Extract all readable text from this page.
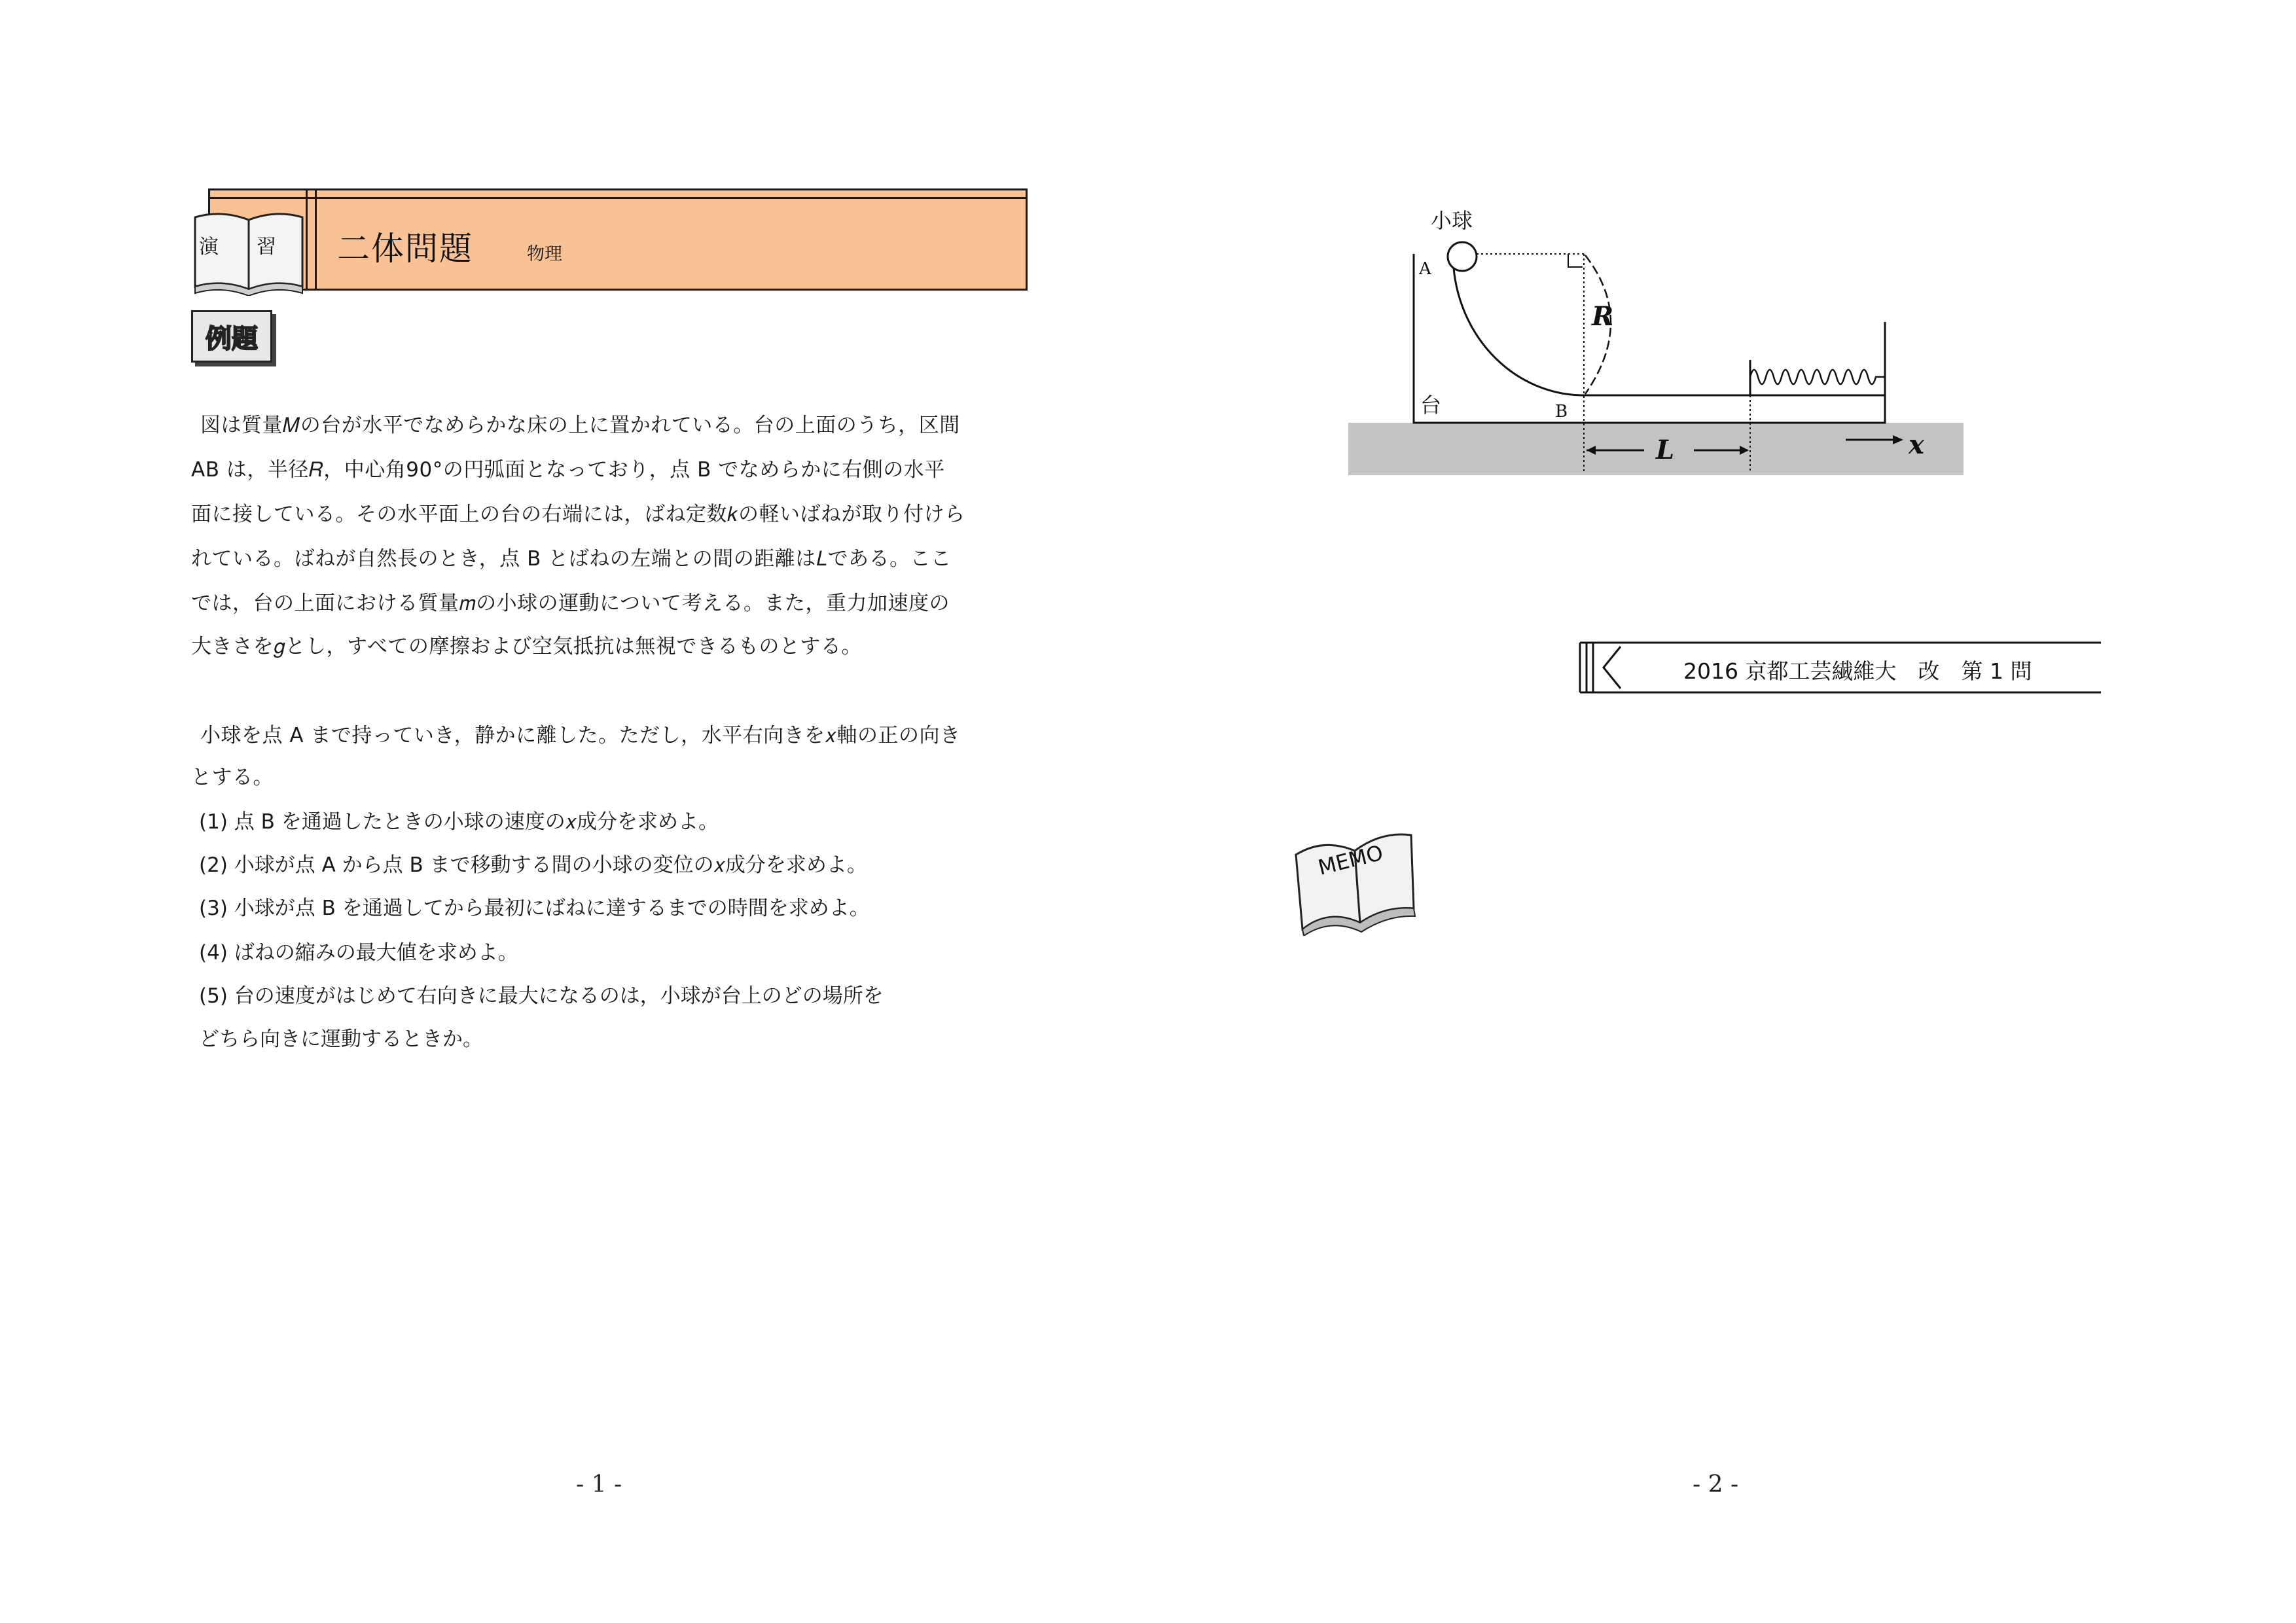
演 習 二体問題	物理
例題
図は質量𝑀の台が水平でなめらかな床の上に置かれている。台の上面のうち，区間
AB は，半径𝑅，中心角90°の円弧面となっており，点 B でなめらかに右側の水平
面に接している。その水平面上の台の右端には，ばね定数𝑘の軽いばねが取り付けら
れている。ばねが自然長のとき，点 B とばねの左端との間の距離は𝐿である。ここ
では，台の上面における質量𝑚の小球の運動について考える。また，重力加速度の
大きさを𝑔とし，すべての摩擦および空気抵抗は無視できるものとする。
小球を点 A まで持っていき，静かに離した。ただし，水平右向きを𝑥軸の正の向き
とする。
(1) 点 B を通過したときの小球の速度の𝑥成分を求めよ。
(2) 小球が点 A から点 B まで移動する間の小球の変位の𝑥成分を求めよ。
(3) 小球が点 B を通過してから最初にばねに達するまでの時間を求めよ。
(4) ばねの縮みの最大値を求めよ。
(5) 台の速度がはじめて右向きに最大になるのは，小球が台上のどの場所を
どちら向きに運動するときか。
- 1 -
小球
A
B
台
R
L	x
2016 京都工芸繊維大　改　第 1 問
MEMO
- 2 -
